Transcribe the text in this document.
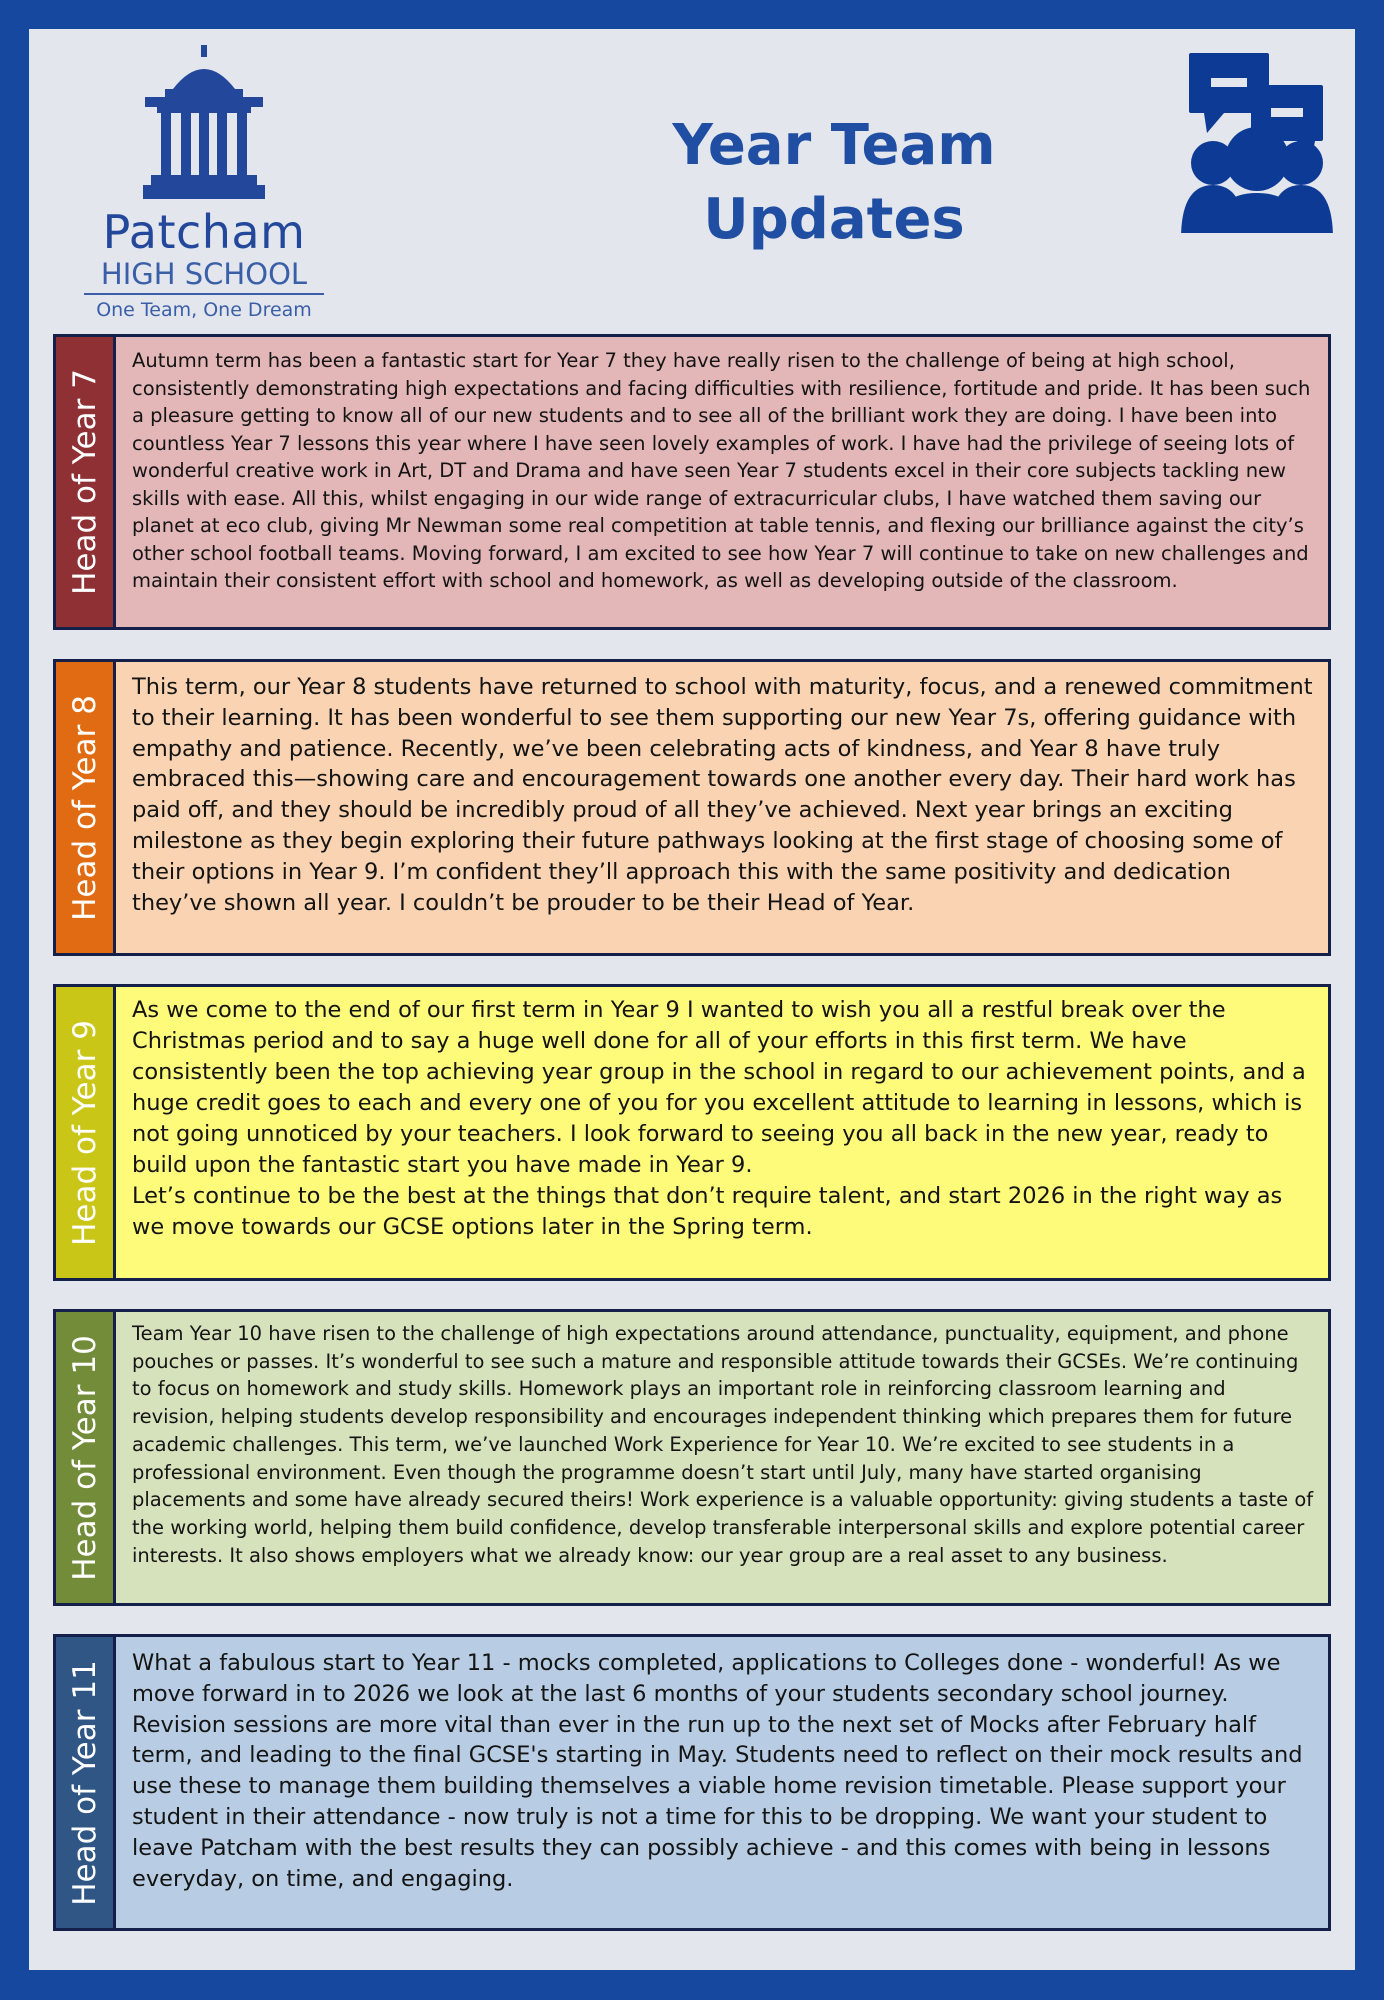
Patcham
HIGH SCHOOL
One Team, One Dream
Year Team
Updates
Head of Year 7
Autumn term has been a fantastic start for Year 7 they have really risen to the challenge of being at high school, consistently demonstrating high expectations and facing difficulties with resilience, fortitude and pride. It has been such a pleasure getting to know all of our new students and to see all of the brilliant work they are doing. I have been into countless Year 7 lessons this year where I have seen lovely examples of work. I have had the privilege of seeing lots of wonderful creative work in Art, DT and Drama and have seen Year 7 students excel in their core subjects tackling new skills with ease. All this, whilst engaging in our wide range of extracurricular clubs, I have watched them saving our planet at eco club, giving Mr Newman some real competition at table tennis, and flexing our brilliance against the city’s other school football teams. Moving forward, I am excited to see how Year 7 will continue to take on new challenges and maintain their consistent effort with school and homework, as well as developing outside of the classroom.
Head of Year 8
This term, our Year 8 students have returned to school with maturity, focus, and a renewed commitment to their learning. It has been wonderful to see them supporting our new Year 7s, offering guidance with empathy and patience. Recently, we’ve been celebrating acts of kindness, and Year 8 have truly embraced this—showing care and encouragement towards one another every day. Their hard work has paid off, and they should be incredibly proud of all they’ve achieved. Next year brings an exciting milestone as they begin exploring their future pathways looking at the first stage of choosing some of their options in Year 9. I’m confident they’ll approach this with the same positivity and dedication they’ve shown all year. I couldn’t be prouder to be their Head of Year.
Head of Year 9
As we come to the end of our first term in Year 9 I wanted to wish you all a restful break over the Christmas period and to say a huge well done for all of your efforts in this first term. We have consistently been the top achieving year group in the school in regard to our achievement points, and a huge credit goes to each and every one of you for you excellent attitude to learning in lessons, which is not going unnoticed by your teachers. I look forward to seeing you all back in the new year, ready to build upon the fantastic start you have made in Year 9.
Let’s continue to be the best at the things that don’t require talent, and start 2026 in the right way as we move towards our GCSE options later in the Spring term.
Head of Year 10
Team Year 10 have risen to the challenge of high expectations around attendance, punctuality, equipment, and phone pouches or passes. It’s wonderful to see such a mature and responsible attitude towards their GCSEs. We’re continuing to focus on homework and study skills. Homework plays an important role in reinforcing classroom learning and revision, helping students develop responsibility and encourages independent thinking which prepares them for future academic challenges. This term, we’ve launched Work Experience for Year 10. We’re excited to see students in a professional environment. Even though the programme doesn’t start until July, many have started organising placements and some have already secured theirs! Work experience is a valuable opportunity: giving students a taste of the working world, helping them build confidence, develop transferable interpersonal skills and explore potential career interests. It also shows employers what we already know: our year group are a real asset to any business.
Head of Year 11	What a fabulous start to Year 11 - mocks completed, applications to Colleges done - wonderful! As we move forward in to 2026 we look at the last 6 months of your students secondary school journey. Revision sessions are more vital than ever in the run up to the next set of Mocks after February half term, and leading to the final GCSE's starting in May. Students need to reflect on their mock results and use these to manage them building themselves a viable home revision timetable. Please support your student in their attendance - now truly is not a time for this to be dropping. We want your student to leave Patcham with the best results they can possibly achieve - and this comes with being in lessons everyday, on time, and engaging.
